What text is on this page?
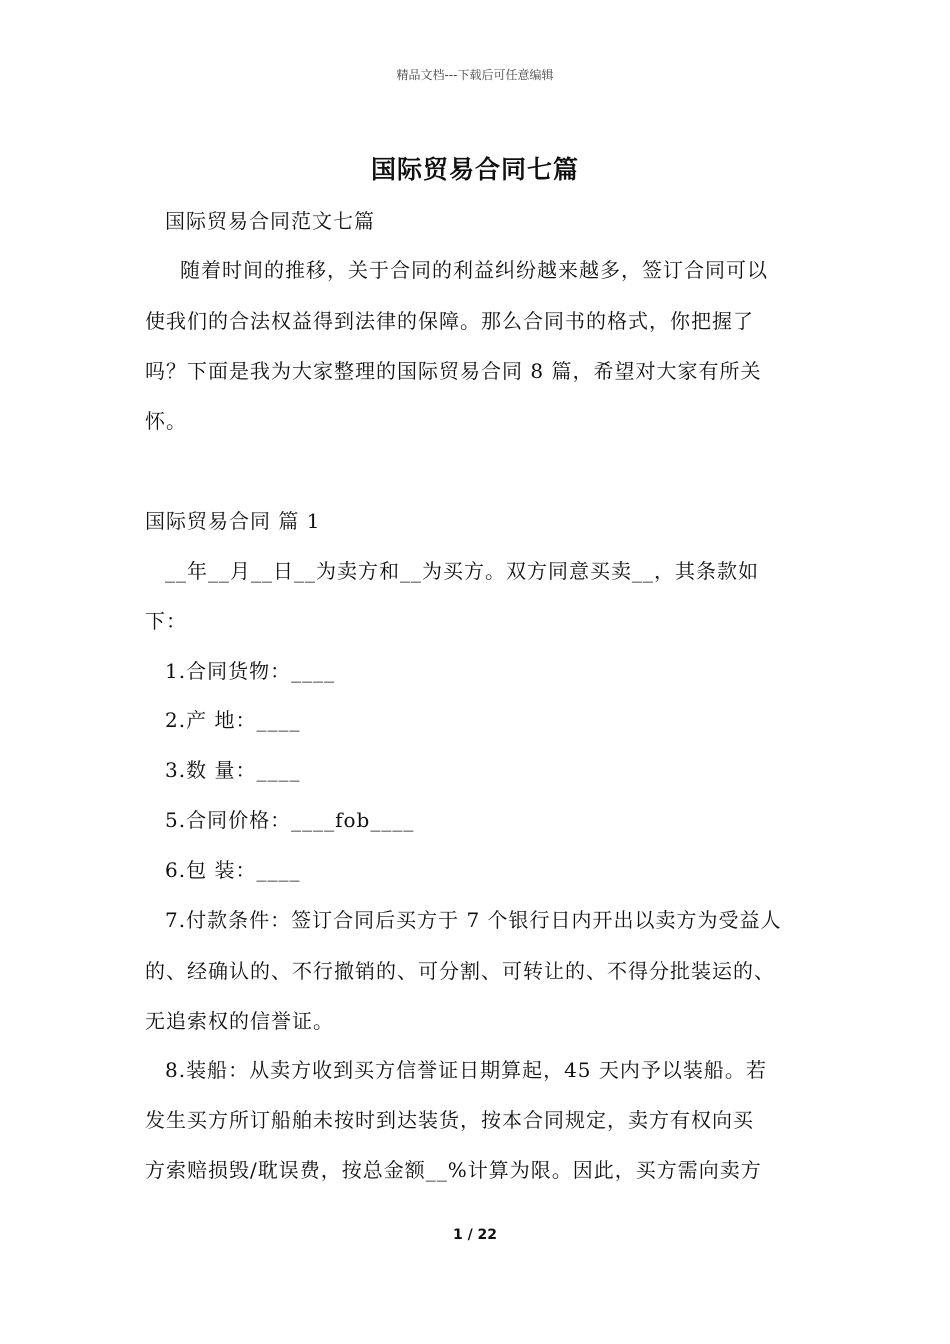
精品文档---下载后可任意编辑
国际贸易合同七篇
国际贸易合同范文七篇
随着时间的推移，关于合同的利益纠纷越来越多，签订合同可以
使我们的合法权益得到法律的保障。那么合同书的格式，你把握了
吗？下面是我为大家整理的国际贸易合同 8 篇，希望对大家有所关
怀。
国际贸易合同 篇 1
__年__月__日__为卖方和__为买方。双方同意买卖__，其条款如
下：
1.合同货物：____
2.产 地：____
3.数 量：____
5.合同价格：____fob____
6.包 装：____
7.付款条件：签订合同后买方于 7 个银行日内开出以卖方为受益人
的、经确认的、不行撤销的、可分割、可转让的、不得分批装运的、
无追索权的信誉证。
8.装船：从卖方收到买方信誉证日期算起，45 天内予以装船。若
发生买方所订船舶未按时到达装货，按本合同规定，卖方有权向买
方索赔损毁/耽误费，按总金额__%计算为限。因此，买方需向卖方
1 / 22
